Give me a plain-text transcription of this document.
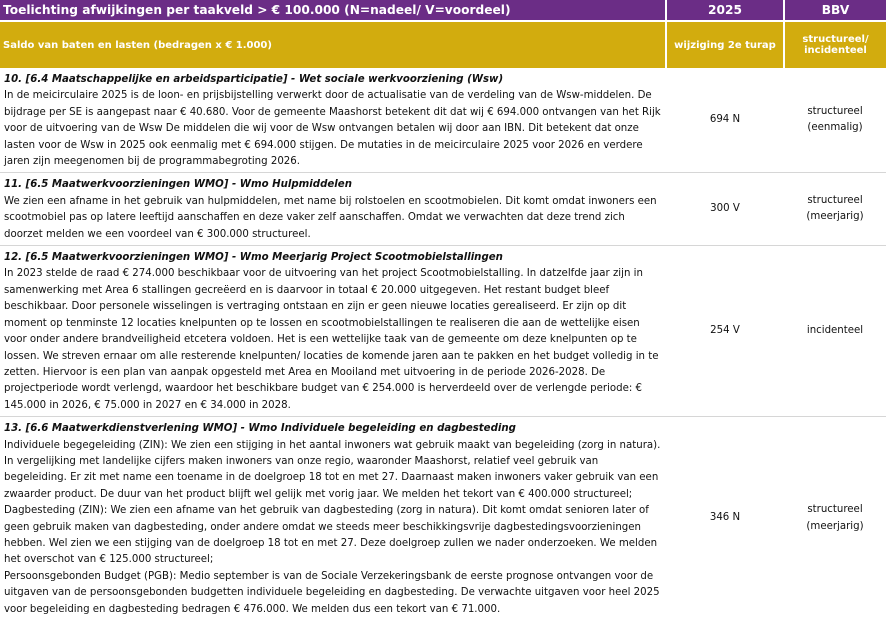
Toelichting afwijkingen per taakveld > € 100.000 (N=nadeel/ V=voordeel)	2025	BBV
Saldo van baten en lasten (bedragen x € 1.000)	wijziging 2e turap	structureel/
incidenteel

10. [6.4 Maatschappelijke en arbeidsparticipatie] - Wet sociale werkvoorziening (Wsw)
In de meicirculaire 2025 is de loon- en prijsbijstelling verwerkt door de actualisatie van de verdeling van de Wsw-middelen. De bijdrage per SE is aangepast naar € 40.680. Voor de gemeente Maashorst betekent dit dat wij € 694.000 ontvangen van het Rijk voor de uitvoering van de Wsw De middelen die wij voor de Wsw ontvangen betalen wij door aan IBN. Dit betekent dat onze lasten voor de Wsw in 2025 ook eenmalig met € 694.000 stijgen. De mutaties in de meicirculaire 2025 voor 2026 en verdere jaren zijn meegenomen bij de programmabegroting 2026.	694 N	structureel
(eenmalig)

11. [6.5 Maatwerkvoorzieningen WMO] - Wmo Hulpmiddelen
We zien een afname in het gebruik van hulpmiddelen, met name bij rolstoelen en scootmobielen. Dit komt omdat inwoners een scootmobiel pas op latere leeftijd aanschaffen en deze vaker zelf aanschaffen. Omdat we verwachten dat deze trend zich doorzet melden we een voordeel van € 300.000 structureel.	300 V	structureel
(meerjarig)

12. [6.5 Maatwerkvoorzieningen WMO] - Wmo Meerjarig Project Scootmobielstallingen
In 2023 stelde de raad € 274.000 beschikbaar voor de uitvoering van het project Scootmobielstalling. In datzelfde jaar zijn in samenwerking met Area 6 stallingen gecreëerd en is daarvoor in totaal € 20.000 uitgegeven. Het restant budget bleef beschikbaar. Door personele wisselingen is vertraging ontstaan en zijn er geen nieuwe locaties gerealiseerd. Er zijn op dit moment op tenminste 12 locaties knelpunten op te lossen en scootmobielstallingen te realiseren die aan de wettelijke eisen voor onder andere brandveiligheid etcetera voldoen. Het is een wettelijke taak van de gemeente om deze knelpunten op te lossen. We streven ernaar om alle resterende knelpunten/ locaties de komende jaren aan te pakken en het budget volledig in te zetten. Hiervoor is een plan van aanpak opgesteld met Area en Mooiland met uitvoering in de periode 2026-2028. De projectperiode wordt verlengd, waardoor het beschikbare budget van € 254.000 is herverdeeld over de verlengde periode: € 145.000 in 2026, € 75.000 in 2027 en € 34.000 in 2028.	254 V	incidenteel

13. [6.6 Maatwerkdienstverlening WMO] - Wmo Individuele begeleiding en dagbesteding
Individuele begegeleiding (ZIN): We zien een stijging in het aantal inwoners wat gebruik maakt van begeleiding (zorg in natura). In vergelijking met landelijke cijfers maken inwoners van onze regio, waaronder Maashorst, relatief veel gebruik van begeleiding. Er zit met name een toename in de doelgroep 18 tot en met 27. Daarnaast maken inwoners vaker gebruik van een zwaarder product. De duur van het product blijft wel gelijk met vorig jaar. We melden het tekort van € 400.000 structureel;
Dagbesteding (ZIN): We zien een afname van het gebruik van dagbesteding (zorg in natura). Dit komt omdat senioren later of geen gebruik maken van dagbesteding, onder andere omdat we steeds meer beschikkingsvrije dagbestedingsvoorzieningen hebben. Wel zien we een stijging van de doelgroep 18 tot en met 27. Deze doelgroep zullen we nader onderzoeken. We melden het overschot van € 125.000 structureel;
Persoonsgebonden Budget (PGB): Medio september is van de Sociale Verzekeringsbank de eerste prognose ontvangen voor de uitgaven van de persoonsgebonden budgetten individuele begeleiding en dagbesteding. De verwachte uitgaven voor heel 2025 voor begeleiding en dagbesteding bedragen € 476.000. We melden dus een tekort van € 71.000.	346 N	structureel
(meerjarig)
